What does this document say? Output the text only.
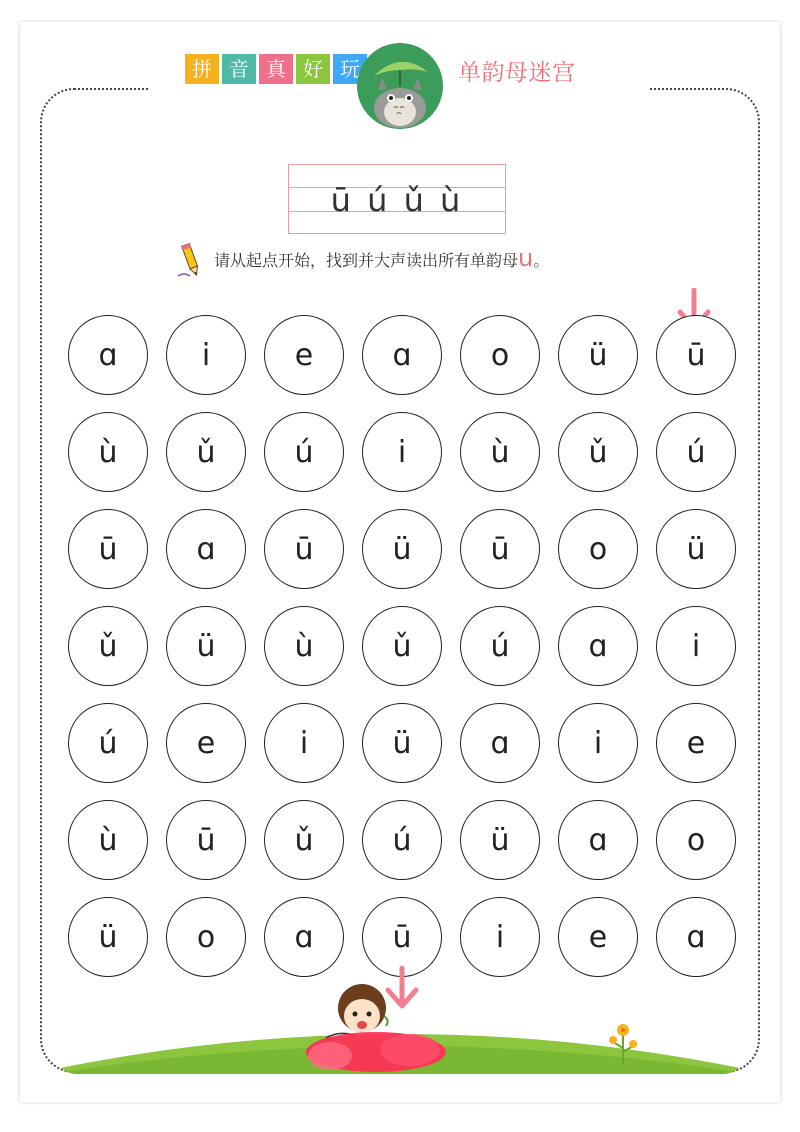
拼 音 真 好 玩	单韵母迷宫
ū ú ǔ ù
请从起点开始，找到并大声读出所有单韵母 u 。
ɑ	i	e	ɑ	o	ü	ū
ù	ǔ	ú	i	ù	ǔ	ú
ū	ɑ	ū	ü	ū	o	ü
ǔ	ü	ù	ǔ	ú	ɑ	i
ú	e	i	ü	ɑ	i	e
ù	ū	ǔ	ú	ü	ɑ	o
ü	o	ɑ	ū	i	e	ɑ
